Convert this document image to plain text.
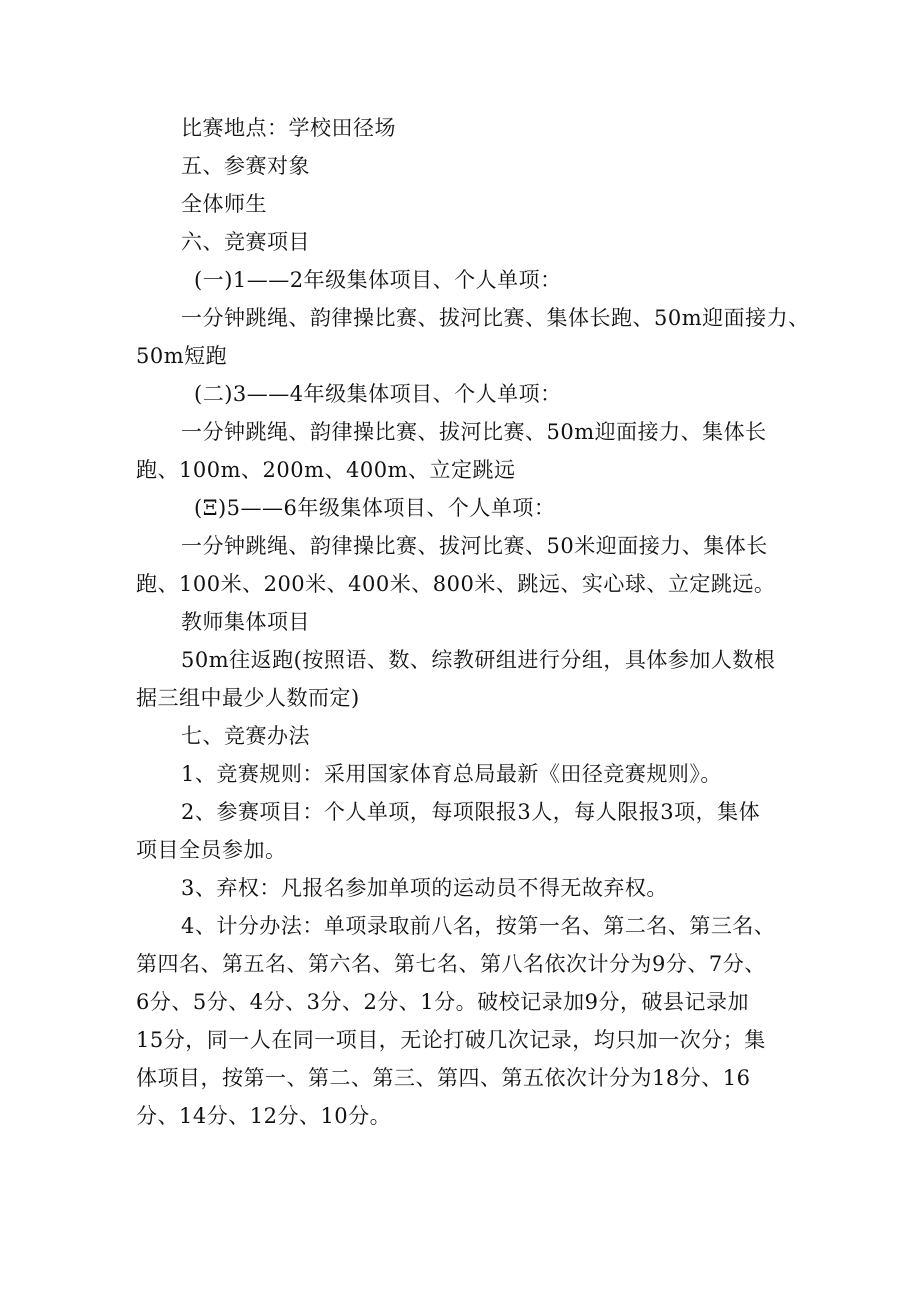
比赛地点：学校田径场

五、参赛对象

全体师生

六、竞赛项目

(一)1——2年级集体项目、个人单项：

一分钟跳绳、韵律操比赛、拔河比赛、集体长跑、50m迎面接力、

50m短跑

(二)3——4年级集体项目、个人单项：

一分钟跳绳、韵律操比赛、拔河比赛、50m迎面接力、集体长

跑、100m、200m、400m、立定跳远

(Ξ)5——6年级集体项目、个人单项：

一分钟跳绳、韵律操比赛、拔河比赛、50米迎面接力、集体长

跑、100米、200米、400米、800米、跳远、实心球、立定跳远。

教师集体项目

50m往返跑(按照语、数、综教研组进行分组，具体参加人数根

据三组中最少人数而定)

七、竞赛办法

1、竞赛规则：采用国家体育总局最新《田径竞赛规则》。

2、参赛项目：个人单项，每项限报3人，每人限报3项，集体

项目全员参加。

3、弃权：凡报名参加单项的运动员不得无故弃权。

4、计分办法：单项录取前八名，按第一名、第二名、第三名、

第四名、第五名、第六名、第七名、第八名依次计分为9分、7分、

6分、5分、4分、3分、2分、1分。破校记录加9分，破县记录加

15分，同一人在同一项目，无论打破几次记录，均只加一次分；集

体项目，按第一、第二、第三、第四、第五依次计分为18分、16

分、14分、12分、10分。
